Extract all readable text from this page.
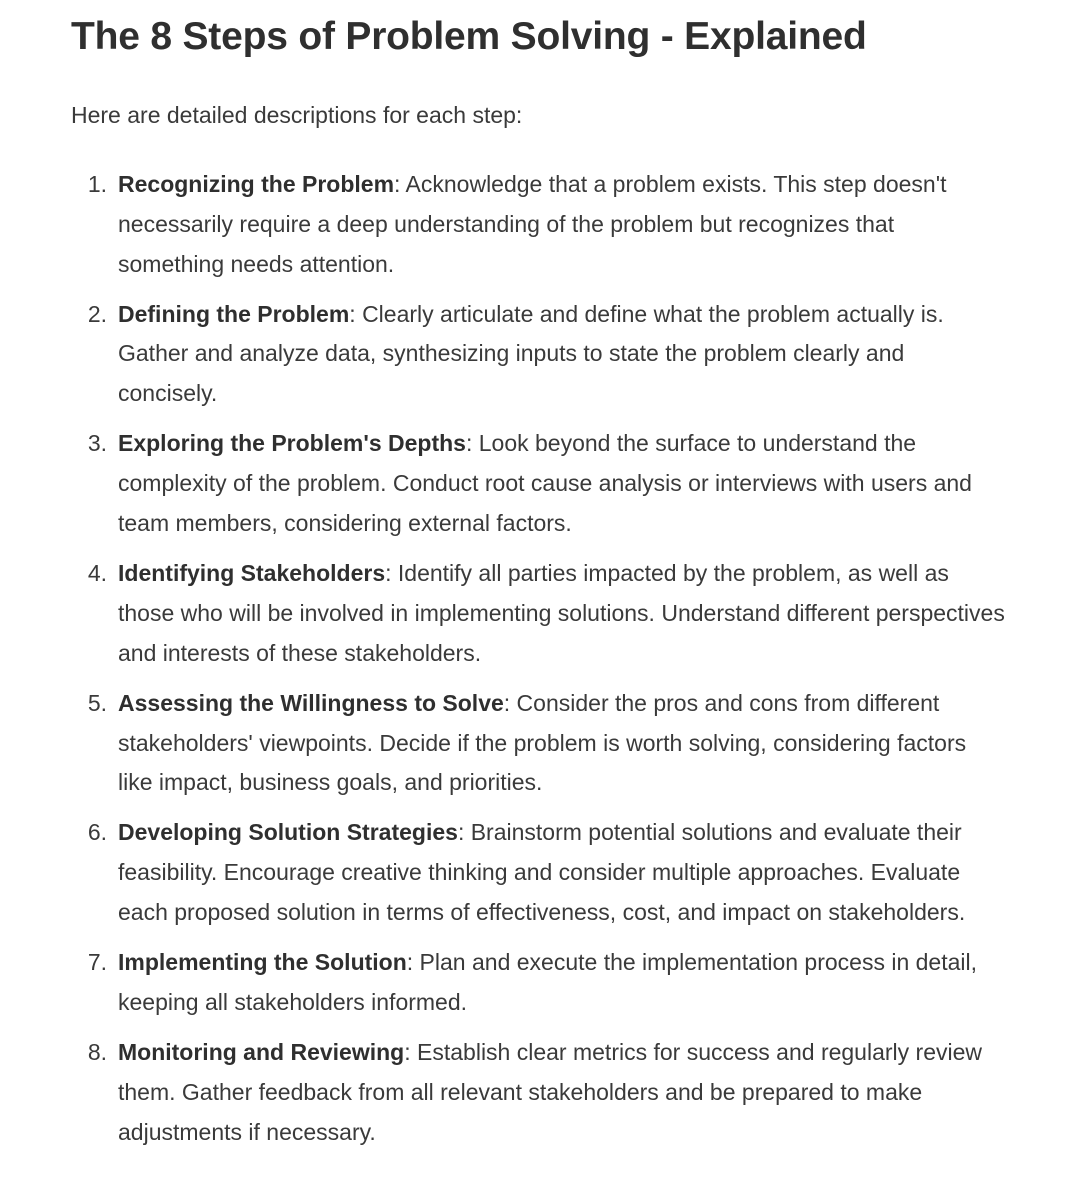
The 8 Steps of Problem Solving - Explained

Here are detailed descriptions for each step:

1. Recognizing the Problem: Acknowledge that a problem exists. This step doesn't necessarily require a deep understanding of the problem but recognizes that something needs attention.
2. Defining the Problem: Clearly articulate and define what the problem actually is. Gather and analyze data, synthesizing inputs to state the problem clearly and concisely.
3. Exploring the Problem's Depths: Look beyond the surface to understand the complexity of the problem. Conduct root cause analysis or interviews with users and team members, considering external factors.
4. Identifying Stakeholders: Identify all parties impacted by the problem, as well as those who will be involved in implementing solutions. Understand different perspectives and interests of these stakeholders.
5. Assessing the Willingness to Solve: Consider the pros and cons from different stakeholders' viewpoints. Decide if the problem is worth solving, considering factors like impact, business goals, and priorities.
6. Developing Solution Strategies: Brainstorm potential solutions and evaluate their feasibility. Encourage creative thinking and consider multiple approaches. Evaluate each proposed solution in terms of effectiveness, cost, and impact on stakeholders.
7. Implementing the Solution: Plan and execute the implementation process in detail, keeping all stakeholders informed.
8. Monitoring and Reviewing: Establish clear metrics for success and regularly review them. Gather feedback from all relevant stakeholders and be prepared to make adjustments if necessary.
